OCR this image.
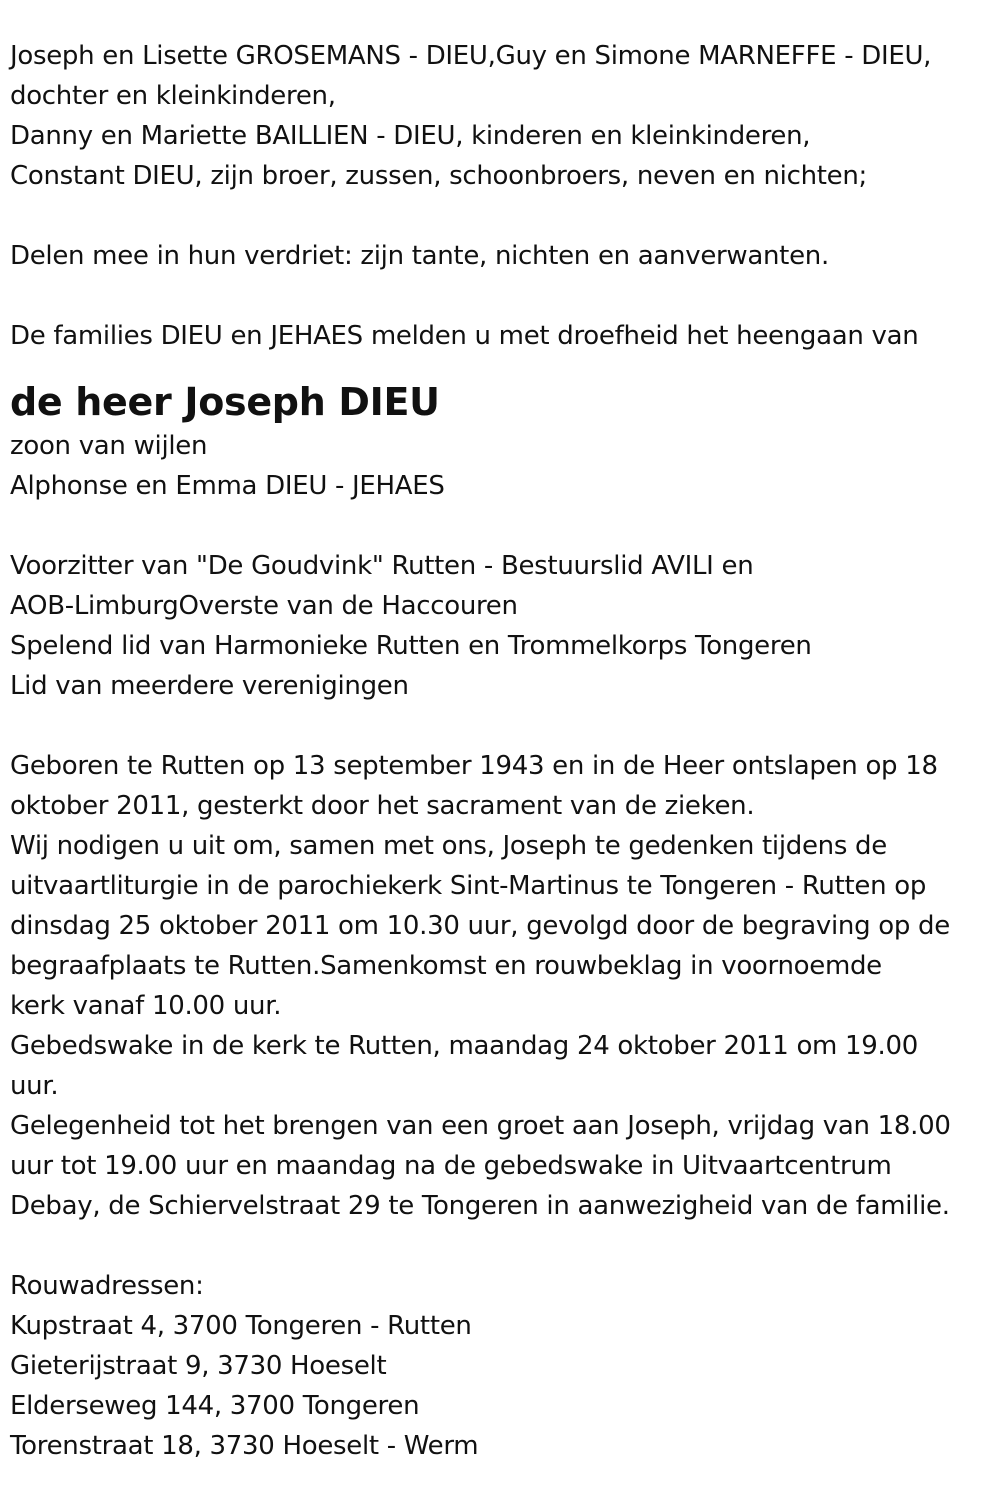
Joseph en Lisette GROSEMANS - DIEU,Guy en Simone MARNEFFE - DIEU,
dochter en kleinkinderen,
Danny en Mariette BAILLIEN - DIEU, kinderen en kleinkinderen,
Constant DIEU, zijn broer, zussen, schoonbroers, neven en nichten;
Delen mee in hun verdriet: zijn tante, nichten en aanverwanten.
De families DIEU en JEHAES melden u met droefheid het heengaan van
de heer Joseph DIEU
zoon van wijlen
Alphonse en Emma DIEU - JEHAES
Voorzitter van "De Goudvink" Rutten - Bestuurslid AVILI en
AOB-LimburgOverste van de Haccouren
Spelend lid van Harmonieke Rutten en Trommelkorps Tongeren
Lid van meerdere verenigingen
Geboren te Rutten op 13 september 1943 en in de Heer ontslapen op 18
oktober 2011, gesterkt door het sacrament van de zieken.
Wij nodigen u uit om, samen met ons, Joseph te gedenken tijdens de
uitvaartliturgie in de parochiekerk Sint-Martinus te Tongeren - Rutten op
dinsdag 25 oktober 2011 om 10.30 uur, gevolgd door de begraving op de
begraafplaats te Rutten.Samenkomst en rouwbeklag in voornoemde
kerk vanaf 10.00 uur.
Gebedswake in de kerk te Rutten, maandag 24 oktober 2011 om 19.00
uur.
Gelegenheid tot het brengen van een groet aan Joseph, vrijdag van 18.00
uur tot 19.00 uur en maandag na de gebedswake in Uitvaartcentrum
Debay, de Schiervelstraat 29 te Tongeren in aanwezigheid van de familie.
Rouwadressen:
Kupstraat 4, 3700 Tongeren - Rutten
Gieterijstraat 9, 3730 Hoeselt
Elderseweg 144, 3700 Tongeren
Torenstraat 18, 3730 Hoeselt - Werm
